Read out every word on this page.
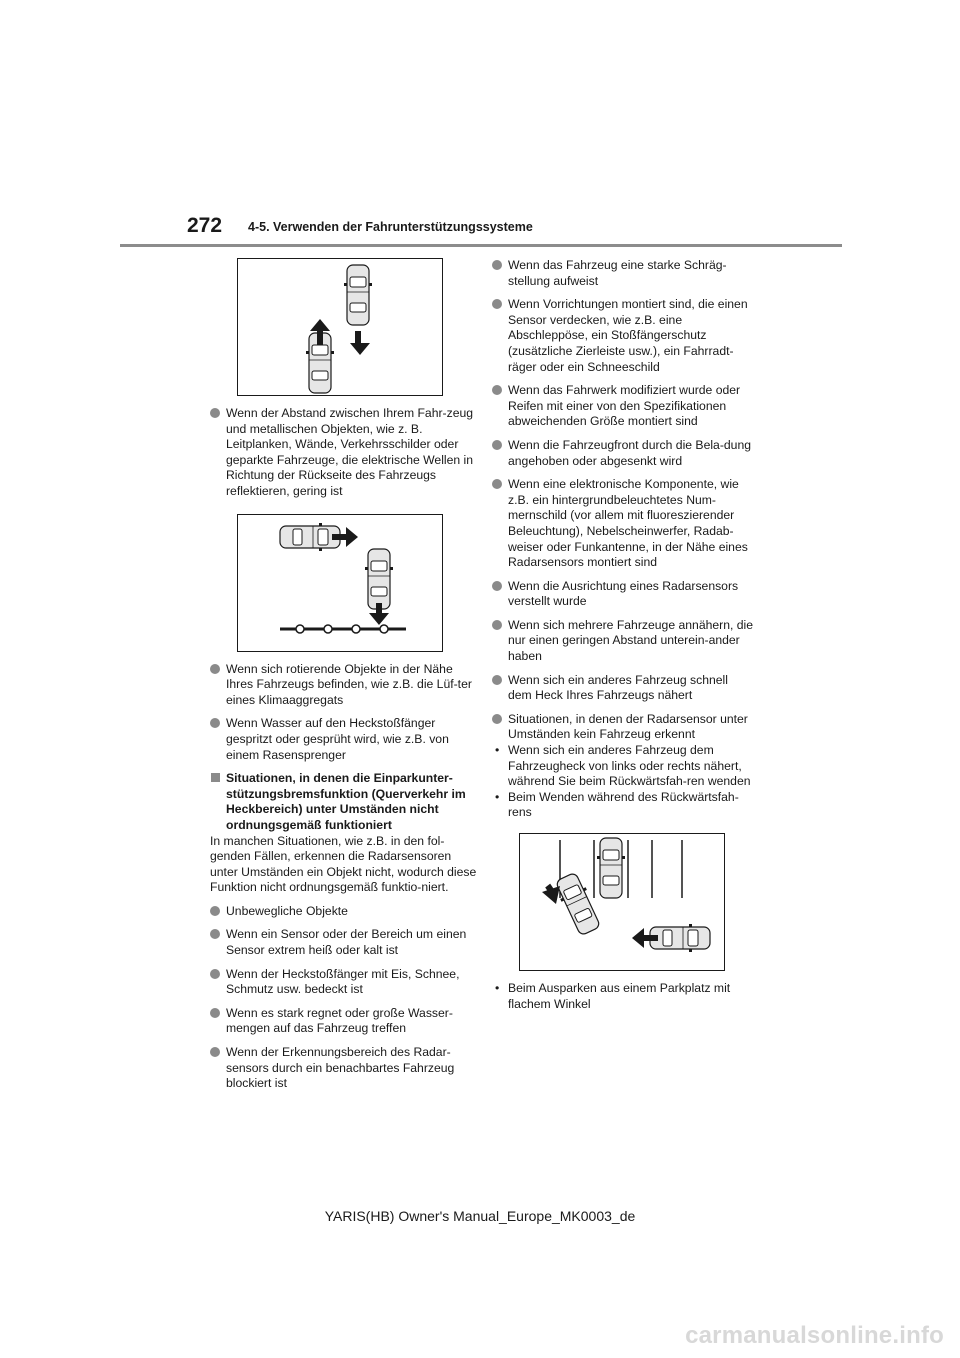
272 4-5. Verwenden der Fahrunterstützungssysteme
Wenn der Abstand zwischen Ihrem Fahr-zeug und metallischen Objekten, wie z. B. Leitplanken, Wände, Verkehrsschilder oder geparkte Fahrzeuge, die elektrische Wellen in Richtung der Rückseite des Fahrzeugs reflektieren, gering ist
Wenn sich rotierende Objekte in der Nähe Ihres Fahrzeugs befinden, wie z.B. die Lüf-ter eines Klimaaggregats
Wenn Wasser auf den Heckstoßfänger gespritzt oder gesprüht wird, wie z.B. von einem Rasensprenger
Situationen, in denen die Einparkunter-stützungsbremsfunktion (Querverkehr im Heckbereich) unter Umständen nicht ordnungsgemäß funktioniert

In manchen Situationen, wie z.B. in den fol-genden Fällen, erkennen die Radarsensoren unter Umständen ein Objekt nicht, wodurch diese Funktion nicht ordnungsgemäß funktio-niert.

Unbewegliche Objekte
Wenn ein Sensor oder der Bereich um einen Sensor extrem heiß oder kalt ist
Wenn der Heckstoßfänger mit Eis, Schnee, Schmutz usw. bedeckt ist
Wenn es stark regnet oder große Wasser-mengen auf das Fahrzeug treffen
Wenn der Erkennungsbereich des Radar-sensors durch ein benachbartes Fahrzeug blockiert ist
Wenn das Fahrzeug eine starke Schräg-stellung aufweist
Wenn Vorrichtungen montiert sind, die einen Sensor verdecken, wie z.B. eine Abschleppöse, ein Stoßfängerschutz (zusätzliche Zierleiste usw.), ein Fahrradt-räger oder ein Schneeschild
Wenn das Fahrwerk modifiziert wurde oder Reifen mit einer von den Spezifikationen abweichenden Größe montiert sind
Wenn die Fahrzeugfront durch die Bela-dung angehoben oder abgesenkt wird
Wenn eine elektronische Komponente, wie z.B. ein hintergrundbeleuchtetes Num-mernschild (vor allem mit fluoreszierender Beleuchtung), Nebelscheinwerfer, Radab-weiser oder Funkantenne, in der Nähe eines Radarsensors montiert sind
Wenn die Ausrichtung eines Radarsensors verstellt wurde
Wenn sich mehrere Fahrzeuge annähern, die nur einen geringen Abstand unterein-ander haben
Wenn sich ein anderes Fahrzeug schnell dem Heck Ihres Fahrzeugs nähert
Situationen, in denen der Radarsensor unter Umständen kein Fahrzeug erkennt
• Wenn sich ein anderes Fahrzeug dem Fahrzeugheck von links oder rechts nähert, während Sie beim Rückwärtsfah-ren wenden
• Beim Wenden während des Rückwärtsfah-rens
• Beim Ausparken aus einem Parkplatz mit flachem Winkel
YARIS(HB) Owner's Manual_Europe_MK0003_de
carmanualsonline.info
